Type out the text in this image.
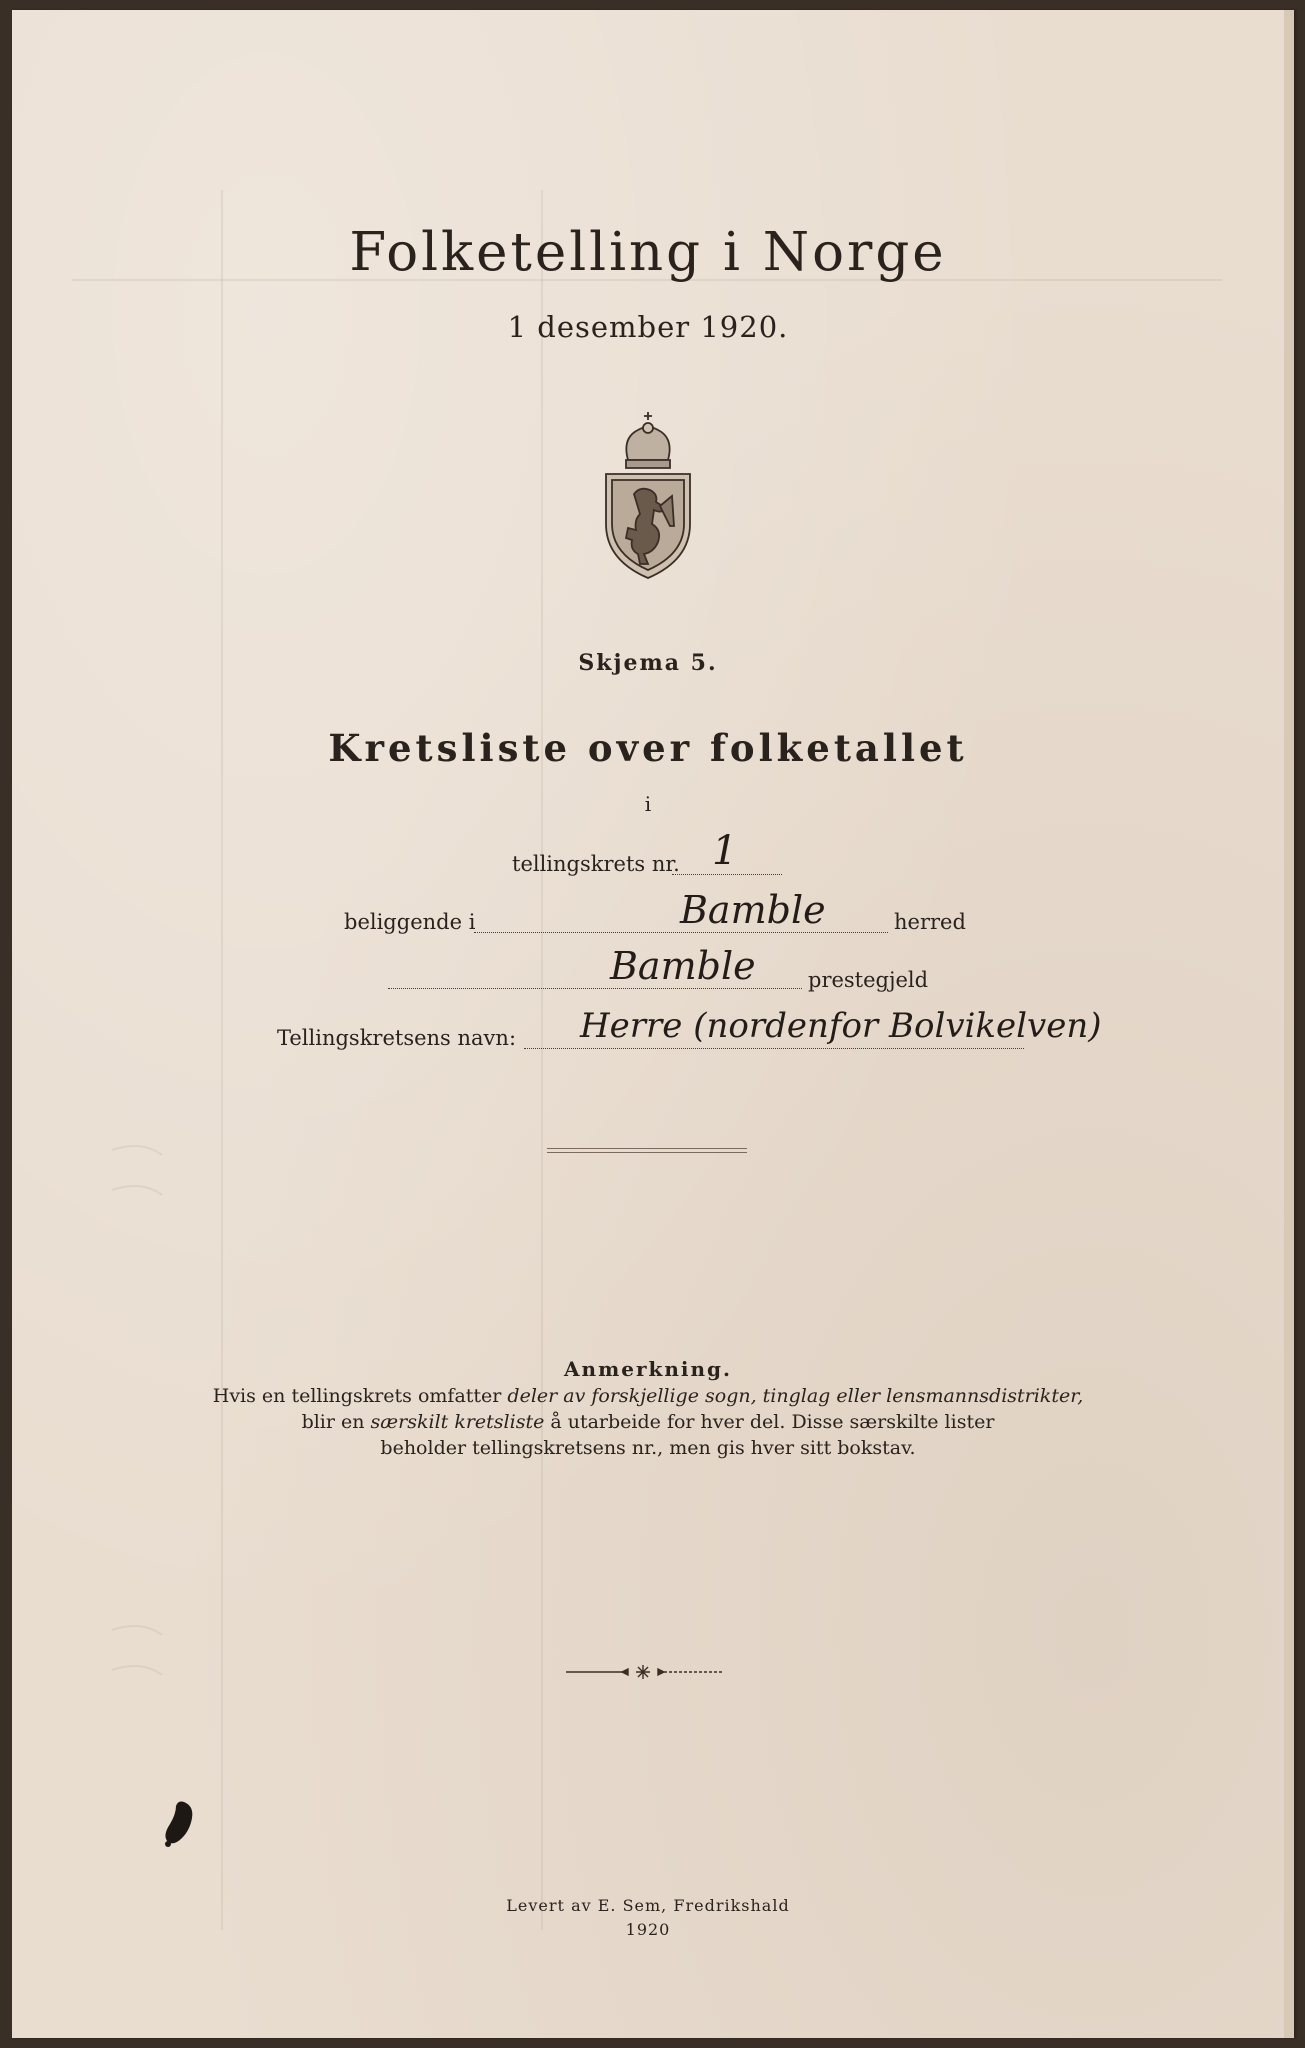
Folketelling i Norge
1 desember 1920.
Skjema 5.
Kretsliste over folketallet
i
tellingskrets nr. 1
beliggende i	Bamble	herred
Bamble prestegjeld
Tellingskretsens navn: Herre (nordenfor Bolvikelven)
Anmerkning.
Hvis en tellingskrets omfatter deler av forskjellige sogn, tinglag eller lensmannsdistrikter,
blir en særskilt kretsliste å utarbeide for hver del. Disse særskilte lister
beholder tellingskretsens nr., men gis hver sitt bokstav.
Levert av E. Sem, Fredrikshald
1920
